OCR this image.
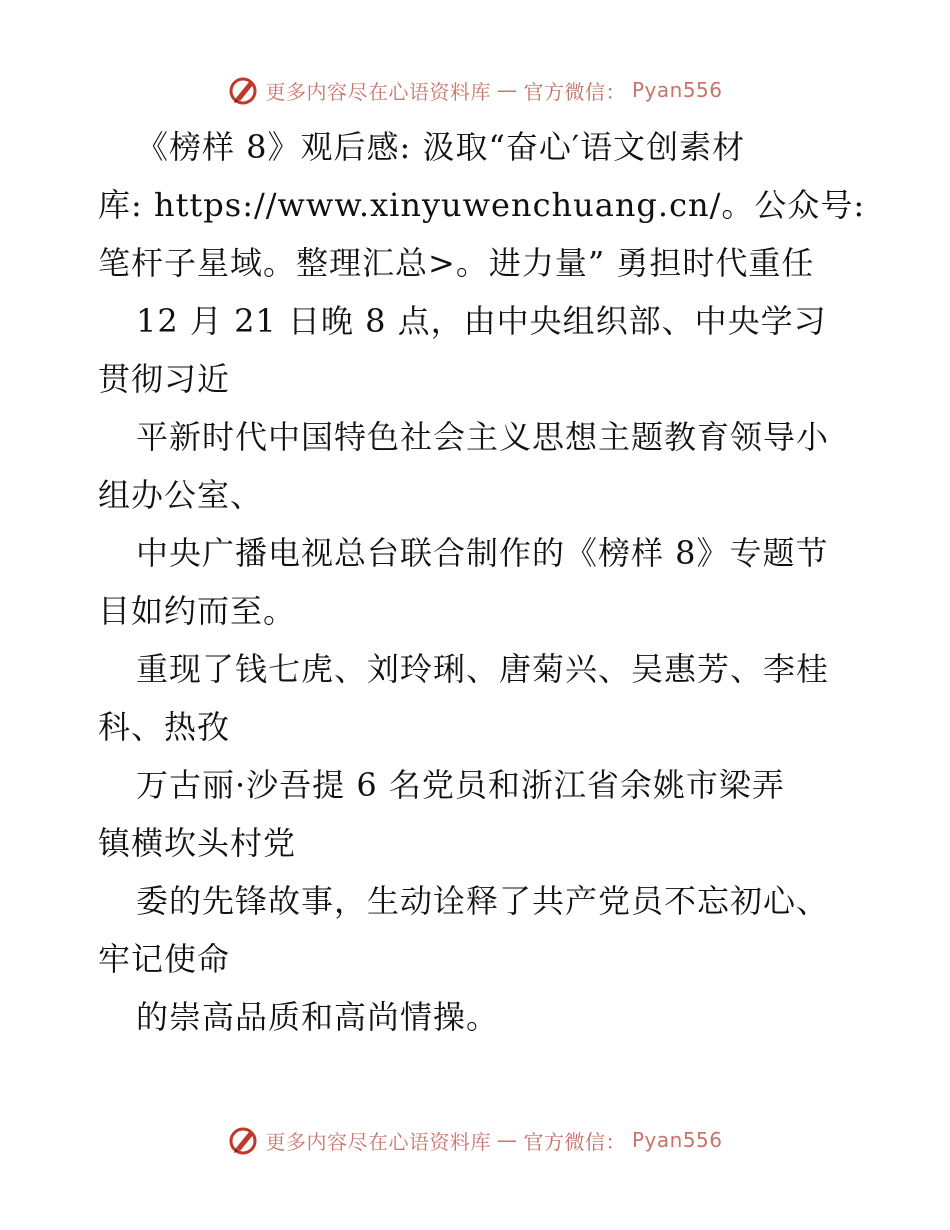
更多内容尽在心语资料库 — 官方微信： Pyan556
《榜样 8》观后感: 汲取“奋心′语文创素材
库: https://www.xinyuwenchuang.cn/。公众号:
笔杆子星域。整理汇总>。进力量” 勇担时代重任
12 月 21 日晚 8 点，由中央组织部、中央学习
贯彻习近
平新时代中国特色社会主义思想主题教育领导小
组办公室、
中央广播电视总台联合制作的《榜样 8》专题节
目如约而至。
重现了钱七虎、刘玲琍、唐菊兴、吴惠芳、李桂
科、热孜
万古丽·沙吾提 6 名党员和浙江省余姚市梁弄
镇横坎头村党
委的先锋故事，生动诠释了共产党员不忘初心、
牢记使命
的崇高品质和高尚情操。
更多内容尽在心语资料库 — 官方微信： Pyan556
